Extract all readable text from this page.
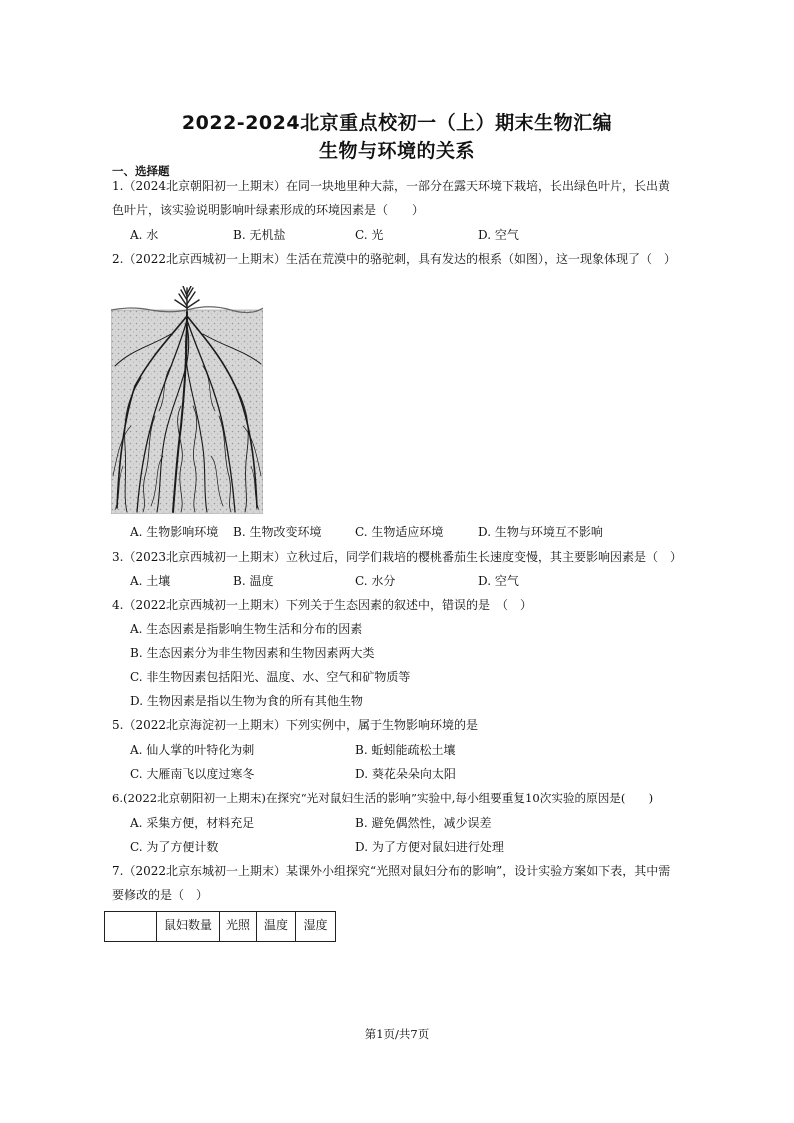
2022-2024北京重点校初一（上）期末生物汇编
生物与环境的关系
一、选择题
1.（2024北京朝阳初一上期末）在同一块地里种大蒜，一部分在露天环境下栽培，长出绿色叶片，长出黄
色叶片，该实验说明影响叶绿素形成的环境因素是（　　）
A. 水	B. 无机盐	C. 光	D. 空气
2.（2022北京西城初一上期末）生活在荒漠中的骆驼刺，具有发达的根系（如图），这一现象体现了（　）
A. 生物影响环境 B. 生物改变环境	C. 生物适应环境	D. 生物与环境互不影响
3.（2023北京西城初一上期末）立秋过后，同学们栽培的樱桃番茄生长速度变慢，其主要影响因素是（　）
A. 土壤	B. 温度	C. 水分	D. 空气
4.（2022北京西城初一上期末）下列关于生态因素的叙述中，错误的是　（　）
A. 生态因素是指影响生物生活和分布的因素
B. 生态因素分为非生物因素和生物因素两大类
C. 非生物因素包括阳光、温度、水、空气和矿物质等
D. 生物因素是指以生物为食的所有其他生物
5.（2022北京海淀初一上期末）下列实例中，属于生物影响环境的是
A. 仙人掌的叶特化为刺	B. 蚯蚓能疏松土壤
C. 大雁南飞以度过寒冬	D. 葵花朵朵向太阳
6.(2022北京朝阳初一上期末)在探究“光对鼠妇生活的影响”实验中,每小组要重复10次实验的原因是(　　)
A. 采集方便，材料充足	B. 避免偶然性，减少误差
C. 为了方便计数	D. 为了方便对鼠妇进行处理
7.（2022北京东城初一上期末）某课外小组探究“光照对鼠妇分布的影响”，设计实验方案如下表，其中需
要修改的是（　）
	鼠妇数量	光照	温度	湿度
第1页/共7页
